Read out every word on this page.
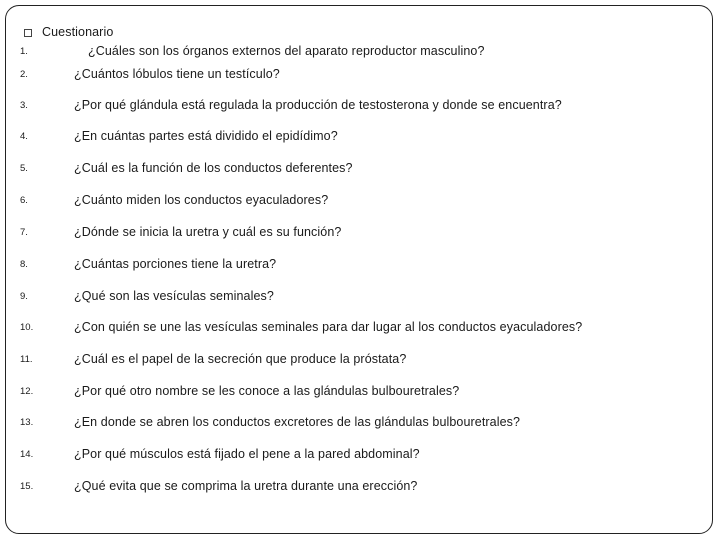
Cuestionario
1.	¿Cuáles son los órganos externos del aparato reproductor masculino?
2.	¿Cuántos lóbulos tiene un testículo?
3.	¿Por qué glándula está regulada la producción de testosterona y donde se encuentra?
4.	¿En cuántas partes está dividido el epidídimo?
5.	¿Cuál es la función de los conductos deferentes?
6.	¿Cuánto miden los conductos eyaculadores?
7.	¿Dónde se inicia la uretra y cuál es su función?
8.	¿Cuántas porciones tiene la uretra?
9.	¿Qué son las vesículas seminales?
10.	¿Con quién se une las vesículas seminales para dar lugar al los conductos eyaculadores?
11.	¿Cuál es el papel de la secreción que produce la próstata?
12.	¿Por qué otro nombre se les conoce a las glándulas bulbouretrales?
13.	¿En donde se abren los conductos excretores de las glándulas bulbouretrales?
14.	¿Por qué músculos está fijado el pene a la pared abdominal?
15.	¿Qué evita que se comprima la uretra durante una erección?
